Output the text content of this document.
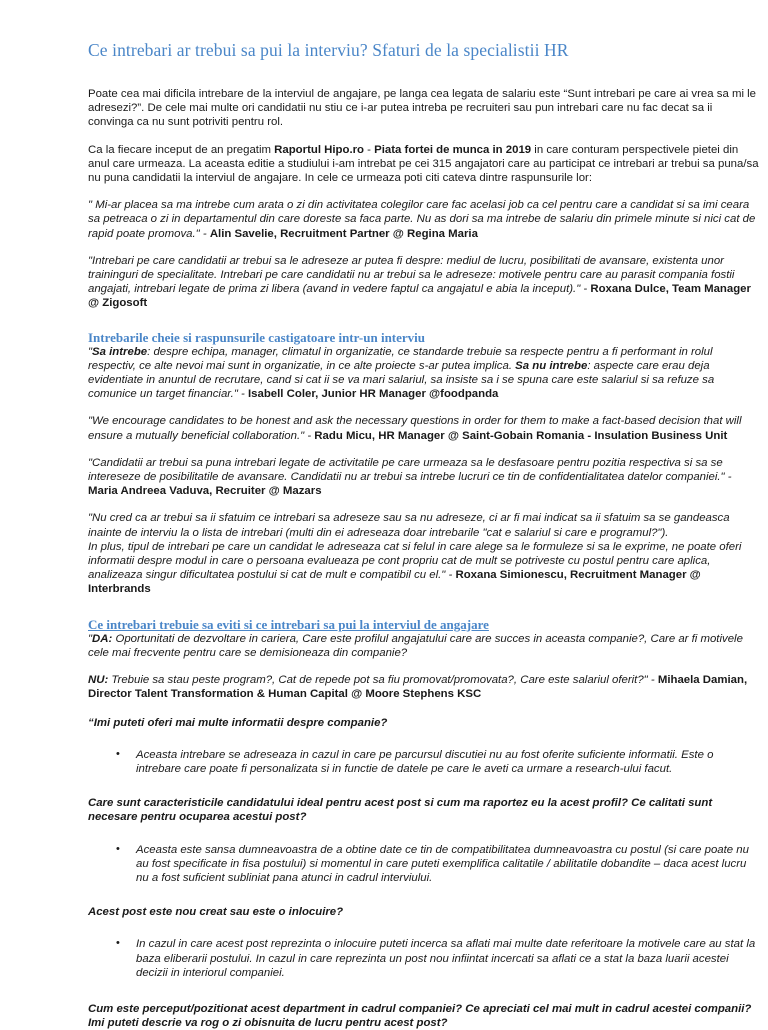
Ce intrebari ar trebui sa pui la interviu? Sfaturi de la specialistii HR

Poate cea mai dificila intrebare de la interviul de angajare, pe langa cea legata de salariu este “Sunt intrebari pe care ai vrea sa mi le adresezi?”. De cele mai multe ori candidatii nu stiu ce i-ar putea intreba pe recruiteri sau pun intrebari care nu fac decat sa ii convinga ca nu sunt potriviti pentru rol.

Ca la fiecare inceput de an pregatim Raportul Hipo.ro - Piata fortei de munca in 2019 in care conturam perspectivele pietei din anul care urmeaza. La aceasta editie a studiului i-am intrebat pe cei 315 angajatori care au participat ce intrebari ar trebui sa puna/sa nu puna candidatii la interviul de angajare. In cele ce urmeaza poti citi cateva dintre raspunsurile lor:

" Mi-ar placea sa ma intrebe cum arata o zi din activitatea colegilor care fac acelasi job ca cel pentru care a candidat si sa imi ceara sa petreaca o zi in departamentul din care doreste sa faca parte. Nu as dori sa ma intrebe de salariu din primele minute si nici cat de rapid poate promova." - Alin Savelie, Recruitment Partner @ Regina Maria

"Intrebari pe care candidatii ar trebui sa le adreseze ar putea fi despre: mediul de lucru, posibilitati de avansare, existenta unor traininguri de specialitate. Intrebari pe care candidatii nu ar trebui sa le adreseze: motivele pentru care au parasit compania fostii angajati, intrebari legate de prima zi libera (avand in vedere faptul ca angajatul e abia la inceput)." - Roxana Dulce, Team Manager @ Zigosoft

Intrebarile cheie si raspunsurile castigatoare intr-un interviu

"Sa intrebe: despre echipa, manager, climatul in organizatie, ce standarde trebuie sa respecte pentru a fi performant in rolul respectiv, ce alte nevoi mai sunt in organizatie, in ce alte proiecte s-ar putea implica. Sa nu intrebe: aspecte care erau deja evidentiate in anuntul de recrutare, cand si cat ii se va mari salariul, sa insiste sa i se spuna care este salariul si sa refuze sa comunice un target financiar." - Isabell Coler, Junior HR Manager @foodpanda

"We encourage candidates to be honest and ask the necessary questions in order for them to make a fact-based decision that will ensure a mutually beneficial collaboration." - Radu Micu, HR Manager @ Saint-Gobain Romania - Insulation Business Unit

"Candidatii ar trebui sa puna intrebari legate de activitatile pe care urmeaza sa le desfasoare pentru pozitia respectiva si sa se intereseze de posibilitatile de avansare. Candidatii nu ar trebui sa intrebe lucruri ce tin de confidentialitatea datelor companiei." - Maria Andreea Vaduva, Recruiter @ Mazars

"Nu cred ca ar trebui sa ii sfatuim ce intrebari sa adreseze sau sa nu adreseze, ci ar fi mai indicat sa ii sfatuim sa se gandeasca inainte de interviu la o lista de intrebari (multi din ei adreseaza doar intrebarile "cat e salariul si care e programul?").
In plus, tipul de intrebari pe care un candidat le adreseaza cat si felul in care alege sa le formuleze si sa le exprime, ne poate oferi informatii despre modul in care o persoana evalueaza pe cont propriu cat de mult se potriveste cu postul pentru care aplica, analizeaza singur dificultatea postului si cat de mult e compatibil cu el." - Roxana Simionescu, Recruitment Manager @ Interbrands

Ce intrebari trebuie sa eviti si ce intrebari sa pui la interviul de angajare

"DA: Oportunitati de dezvoltare in cariera, Care este profilul angajatului care are succes in aceasta companie?, Care ar fi motivele cele mai frecvente pentru care se demisioneaza din companie?

NU: Trebuie sa stau peste program?, Cat de repede pot sa fiu promovat/promovata?, Care este salariul oferit?" - Mihaela Damian, Director Talent Transformation & Human Capital @ Moore Stephens KSC

“Imi puteti oferi mai multe informatii despre companie?

•	Aceasta intrebare se adreseaza in cazul in care pe parcursul discutiei nu au fost oferite suficiente informatii. Este o intrebare care poate fi personalizata si in functie de datele pe care le aveti ca urmare a research-ului facut.

Care sunt caracteristicile candidatului ideal pentru acest post si cum ma raportez eu la acest profil? Ce calitati sunt necesare pentru ocuparea acestui post?

•	Aceasta este sansa dumneavoastra de a obtine date ce tin de compatibilitatea dumneavoastra cu postul (si care poate nu au fost specificate in fisa postului) si momentul in care puteti exemplifica calitatile / abilitatile dobandite – daca acest lucru nu a fost suficient subliniat pana atunci in cadrul interviului.

Acest post este nou creat sau este o inlocuire?

•	In cazul in care acest post reprezinta o inlocuire puteti incerca sa aflati mai multe date referitoare la motivele care au stat la baza eliberarii postului. In cazul in care reprezinta un post nou infiintat incercati sa aflati ce a stat la baza luarii acestei decizii in interiorul companiei.

Cum este perceput/pozitionat acest department in cadrul companiei? Ce apreciati cel mai mult in cadrul acestei companii? Imi puteti descrie va rog o zi obisnuita de lucru pentru acest post?
